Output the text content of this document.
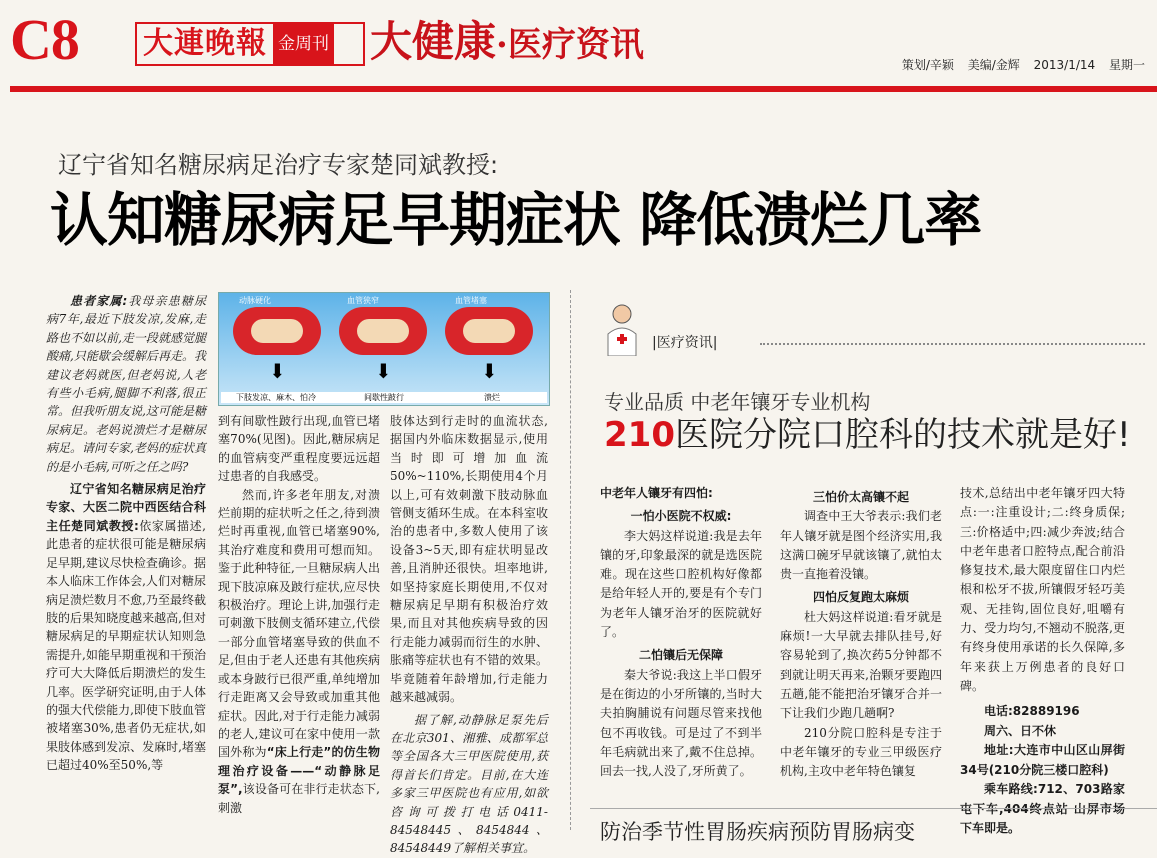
C8 大連晚報 金周刊 大健康·医疗资讯	策划/辛颖 美编/金辉 2013/1/14 星期一
辽宁省知名糖尿病足治疗专家楚同斌教授:
认知糖尿病足早期症状 降低溃烂几率

患者家属:我母亲患糖尿病7年,最近下肢发凉,发麻,走路也不如以前,走一段就感觉腿酸痛,只能歇会缓解后再走。我建议老妈就医,但老妈说,人老有些小毛病,腿脚不利落,很正常。但我听朋友说,这可能是糖尿病足。老妈说溃烂才是糖尿病足。请问专家,老妈的症状真的是小毛病,可听之任之吗?

辽宁省知名糖尿病足治疗专家、大医二院中西医结合科主任楚同斌教授:依家属描述,此患者的症状很可能是糖尿病足早期,建议尽快检查确诊。据本人临床工作体会,人们对糖尿病足溃烂数月不愈,乃至最终截肢的后果知晓度越来越高,但对糖尿病足的早期症状认知则急需提升,如能早期重视和干预治疗可大大降低后期溃烂的发生几率。医学研究证明,由于人体的强大代偿能力,即使下肢血管被堵塞30%,患者仍无症状,如果肢体感到发凉、发麻时,堵塞已超过40%至50%,等

动脉硬化	血管狭窄	血管堵塞
⬇	⬇	⬇
下肢发凉、麻木、怕冷	间歇性跛行	溃烂

到有间歇性跛行出现,血管已堵塞70%(见图)。因此,糖尿病足的血管病变严重程度要远远超过患者的自我感受。

然而,许多老年朋友,对溃烂前期的症状听之任之,待到溃烂时再重视,血管已堵塞90%,其治疗难度和费用可想而知。鉴于此种特征,一旦糖尿病人出现下肢凉麻及跛行症状,应尽快积极治疗。理论上讲,加强行走可刺激下肢侧支循环建立,代偿一部分血管堵塞导致的供血不足,但由于老人还患有其他疾病或本身跛行已很严重,单纯增加行走距离又会导致或加重其他症状。因此,对于行走能力减弱的老人,建议可在家中使用一款国外称为“床上行走”的仿生物理治疗设备——“动静脉足泵”,该设备可在非行走状态下,刺激

肢体达到行走时的血流状态,据国内外临床数据显示,使用当时即可增加血流50%~110%,长期使用4个月以上,可有效刺激下肢动脉血管侧支循环生成。在本科室收治的患者中,多数人使用了该设备3~5天,即有症状明显改善,且消肿还很快。坦率地讲,如坚持家庭长期使用,不仅对糖尿病足早期有积极治疗效果,而且对其他疾病导致的因行走能力减弱而衍生的水肿、胀痛等症状也有不错的效果。毕竟随着年龄增加,行走能力越来越减弱。

据了解,动静脉足泵先后在北京301、湘雅、成都军总等全国各大三甲医院使用,获得首长们肯定。目前,在大连多家三甲医院也有应用,如欲咨询可拨打电话0411-84548445、8454844、84548449了解相关事宜。

|医疗资讯|
专业品质 中老年镶牙专业机构
210医院分院口腔科的技术就是好!

中老年人镶牙有四怕:

一怕小医院不权威:

李大妈这样说道:我是去年镶的牙,印象最深的就是选医院难。现在这些口腔机构好像都是给年轻人开的,要是有个专门为老年人镶牙治牙的医院就好了。

二怕镶后无保障

秦大爷说:我这上半口假牙是在街边的小牙所镶的,当时大夫拍胸脯说有问题尽管来找他包不再收钱。可是过了不到半年毛病就出来了,戴不住总掉。回去一找,人没了,牙所黄了。

三怕价太高镶不起

调查中王大爷表示:我们老年人镶牙就是图个经济实用,我这满口碗牙早就该镶了,就怕太贵一直拖着没镶。

四怕反复跑太麻烦

杜大妈这样说道:看牙就是麻烦!一大早就去排队挂号,好容易轮到了,换次药5分钟都不到就让明天再来,治颗牙要跑四五趟,能不能把治牙镶牙合并一下让我们少跑几趟啊?

210分院口腔科是专注于中老年镶牙的专业三甲级医疗机构,主攻中老年特色镶复

技术,总结出中老年镶牙四大特点:一:注重设计;二:终身质保;三:价格适中;四:减少奔波;结合中老年患者口腔特点,配合前沿修复技术,最大限度留住口内烂根和松牙不拔,所镶假牙轻巧美观、无挂钩,固位良好,咀嚼有力、受力均匀,不翘动不脱落,更有终身使用承诺的长久保障,多年来获上万例患者的良好口碑。

电话:82889196
周六、日不休
地址:大连市中山区山屏街34号(210分院三楼口腔科)
乘车路线:712、703路家屯下车,404终点站 山屏市场下车即是。
防治季节性胃肠疾病预防胃肠病变
